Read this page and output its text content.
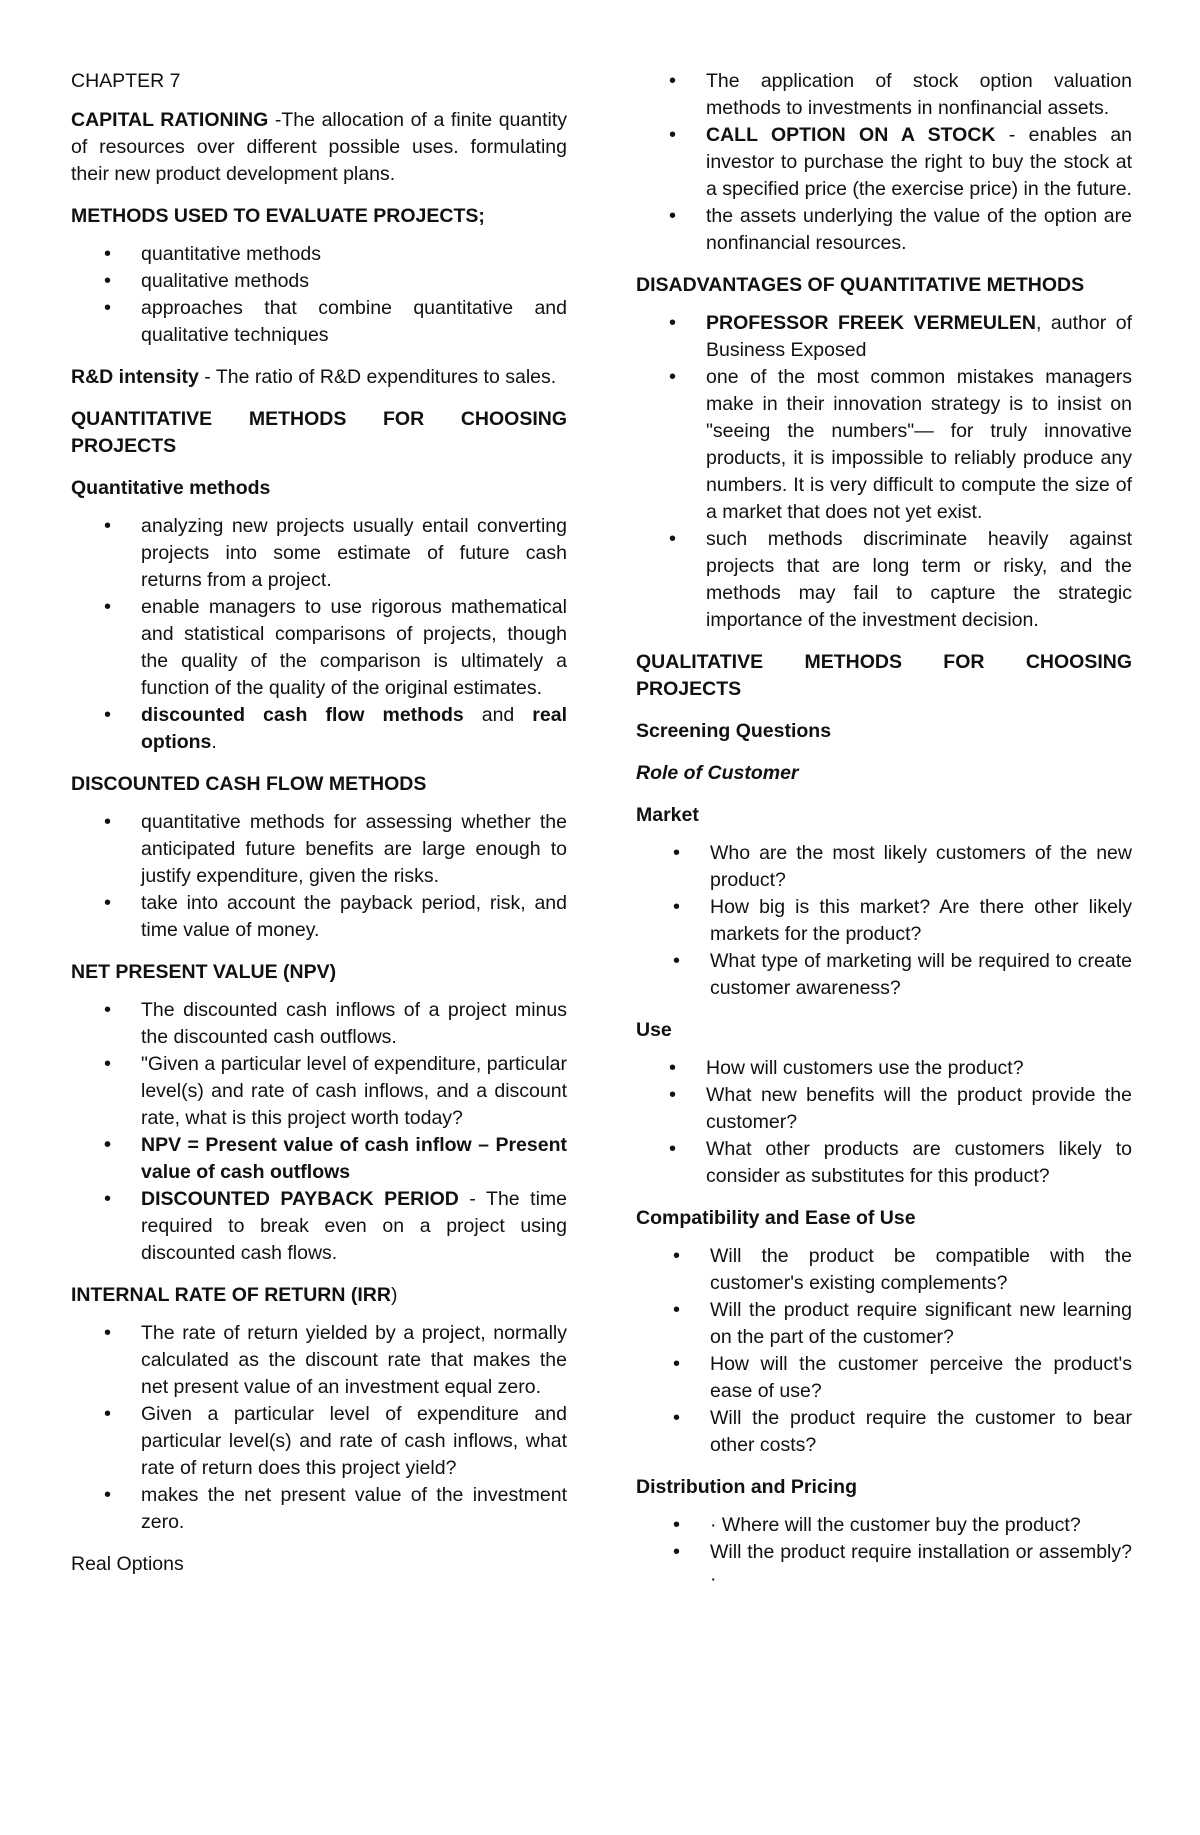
CHAPTER 7

CAPITAL RATIONING -The allocation of a finite quantity of resources over different possible uses. formulating their new product development plans.

METHODS USED TO EVALUATE PROJECTS;

• quantitative methods
• qualitative methods
• approaches that combine quantitative and qualitative techniques

R&D intensity - The ratio of R&D expenditures to sales.

QUANTITATIVE METHODS FOR CHOOSING PROJECTS

Quantitative methods

• analyzing new projects usually entail converting projects into some estimate of future cash returns from a project.
• enable managers to use rigorous mathematical and statistical comparisons of projects, though the quality of the comparison is ultimately a function of the quality of the original estimates.
• discounted cash flow methods and real options.

DISCOUNTED CASH FLOW METHODS

• quantitative methods for assessing whether the anticipated future benefits are large enough to justify expenditure, given the risks.
• take into account the payback period, risk, and time value of money.

NET PRESENT VALUE (NPV)

• The discounted cash inflows of a project minus the discounted cash outflows.
• "Given a particular level of expenditure, particular level(s) and rate of cash inflows, and a discount rate, what is this project worth today?
• NPV = Present value of cash inflow – Present value of cash outflows
• DISCOUNTED PAYBACK PERIOD - The time required to break even on a project using discounted cash flows.

INTERNAL RATE OF RETURN (IRR)

• The rate of return yielded by a project, normally calculated as the discount rate that makes the net present value of an investment equal zero.
• Given a particular level of expenditure and particular level(s) and rate of cash inflows, what rate of return does this project yield?
• makes the net present value of the investment zero.

Real Options

• The application of stock option valuation methods to investments in nonfinancial assets.
• CALL OPTION ON A STOCK - enables an investor to purchase the right to buy the stock at a specified price (the exercise price) in the future.
• the assets underlying the value of the option are nonfinancial resources.

DISADVANTAGES OF QUANTITATIVE METHODS

• PROFESSOR FREEK VERMEULEN, author of Business Exposed
• one of the most common mistakes managers make in their innovation strategy is to insist on "seeing the numbers"— for truly innovative products, it is impossible to reliably produce any numbers. It is very difficult to compute the size of a market that does not yet exist.
• such methods discriminate heavily against projects that are long term or risky, and the methods may fail to capture the strategic importance of the investment decision.

QUALITATIVE METHODS FOR CHOOSING PROJECTS

Screening Questions

Role of Customer

Market

• Who are the most likely customers of the new product?
• How big is this market? Are there other likely markets for the product?
• What type of marketing will be required to create customer awareness?

Use

• How will customers use the product?
• What new benefits will the product provide the customer?
• What other products are customers likely to consider as substitutes for this product?

Compatibility and Ease of Use

• Will the product be compatible with the customer's existing complements?
• Will the product require significant new learning on the part of the customer?
• How will the customer perceive the product's ease of use?
• Will the product require the customer to bear other costs?

Distribution and Pricing

• · Where will the customer buy the product?
• Will the product require installation or assembly? ·
